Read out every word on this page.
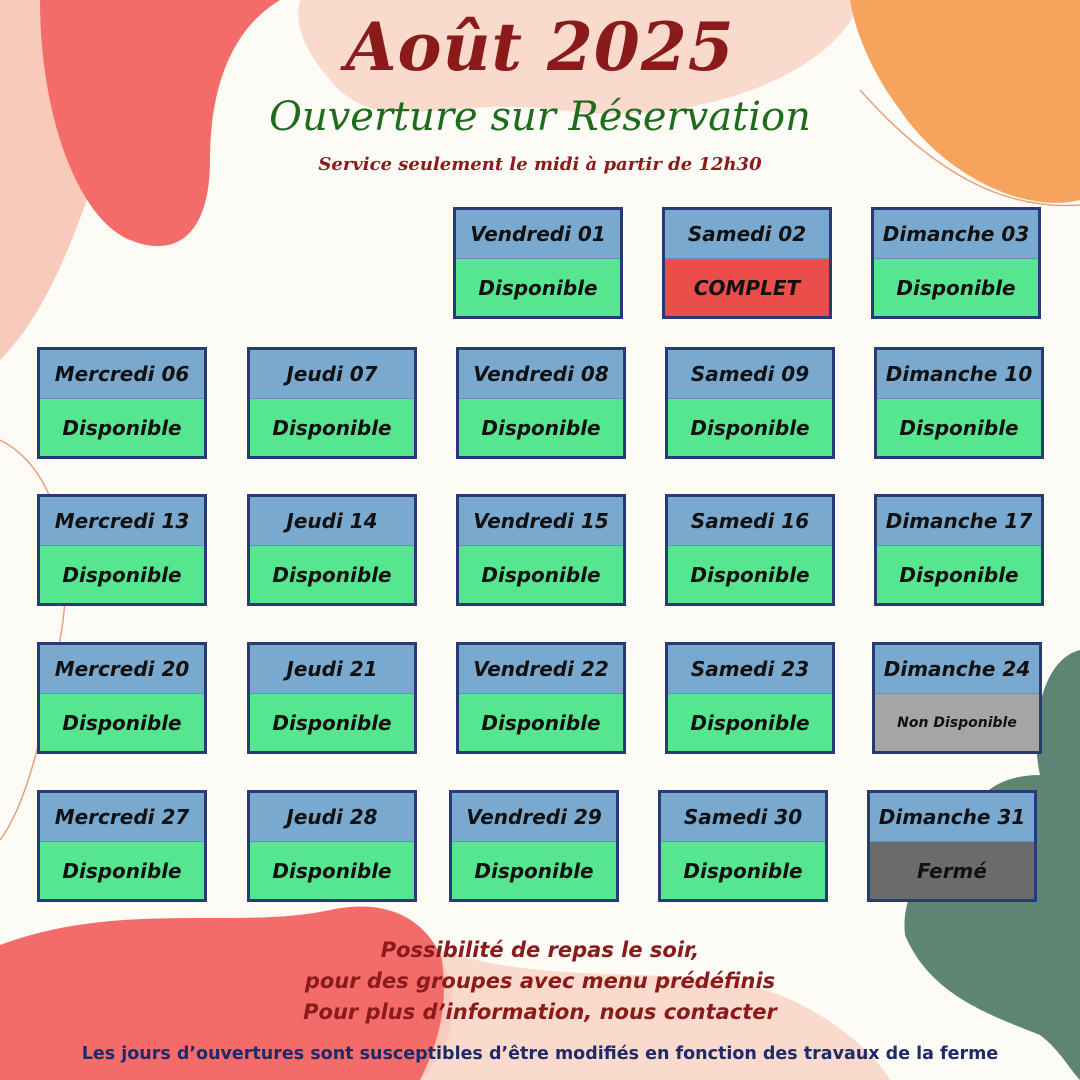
Août 2025
Ouverture sur Réservation
Service seulement le midi à partir de 12h30
Vendredi 01
Disponible
Samedi 02
COMPLET
Dimanche 03
Disponible
Mercredi 06
Disponible
Jeudi 07
Disponible
Vendredi 08
Disponible
Samedi 09
Disponible
Dimanche 10
Disponible
Mercredi 13
Disponible
Jeudi 14
Disponible
Vendredi 15
Disponible
Samedi 16
Disponible
Dimanche 17
Disponible
Mercredi 20
Disponible
Jeudi 21
Disponible
Vendredi 22
Disponible
Samedi 23
Disponible
Dimanche 24
Non Disponible
Mercredi 27
Disponible
Jeudi 28
Disponible
Vendredi 29
Disponible
Samedi 30
Disponible
Dimanche 31
Fermé
Possibilité de repas le soir,
pour des groupes avec menu prédéfinis
Pour plus d’information, nous contacter
Les jours d’ouvertures sont susceptibles d’être modifiés en fonction des travaux de la ferme
